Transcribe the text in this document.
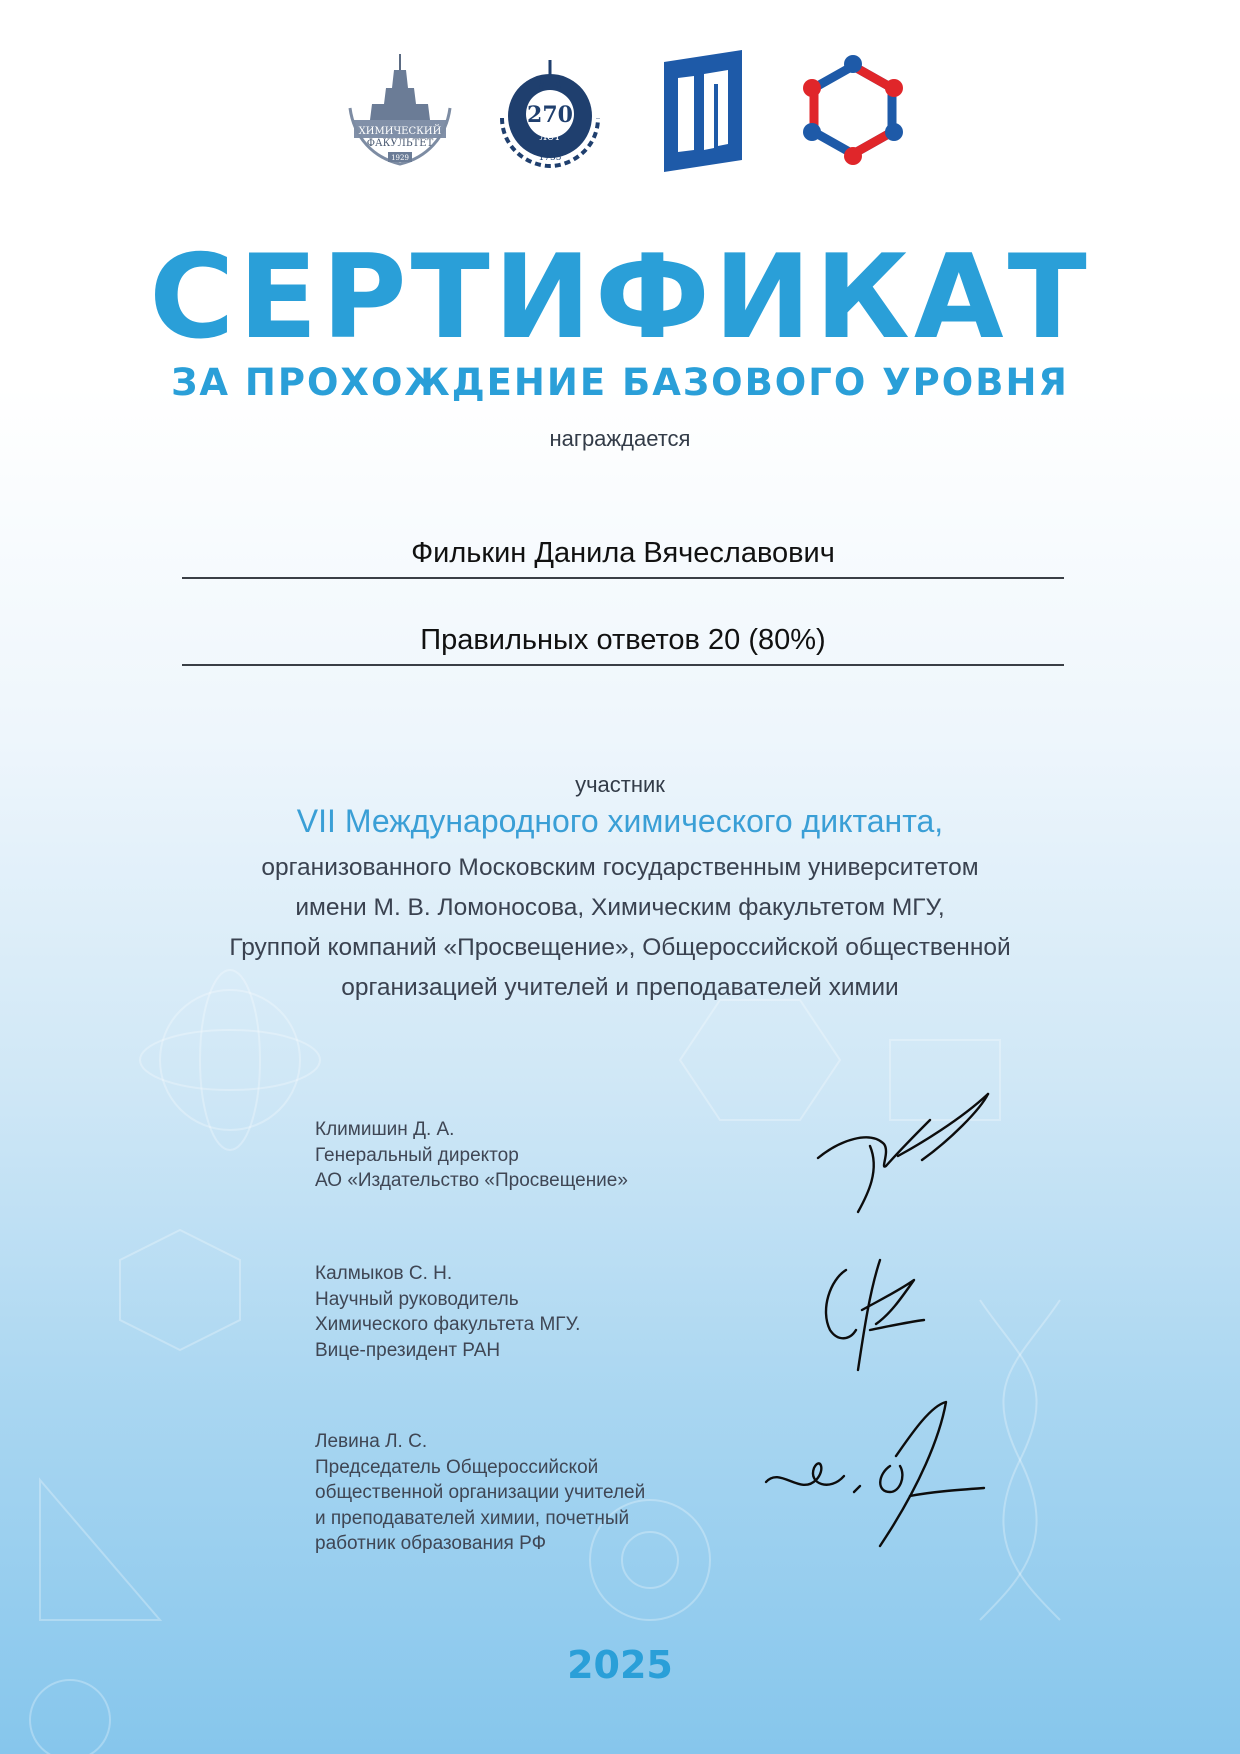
ХИМИЧЕСКИЙ
ФАКУЛЬТЕТ
1929
270
лет
1755
СЕРТИФИКАТ
ЗА ПРОХОЖДЕНИЕ БАЗОВОГО УРОВНЯ
награждается
Филькин Данила Вячеславович
Правильных ответов 20 (80%)
участник
VII Международного химического диктанта,
организованного Московским государственным университетом
имени М. В. Ломоносова, Химическим факультетом МГУ,
Группой компаний «Просвещение», Общероссийской общественной
организацией учителей и преподавателей химии
Климишин Д. А.
Генеральный директор
АО «Издательство «Просвещение»
Калмыков С. Н.
Научный руководитель
Химического факультета МГУ.
Вице-президент РАН
Левина Л. С.
Председатель Общероссийской
общественной организации учителей
и преподавателей химии, почетный
работник образования РФ
2025
